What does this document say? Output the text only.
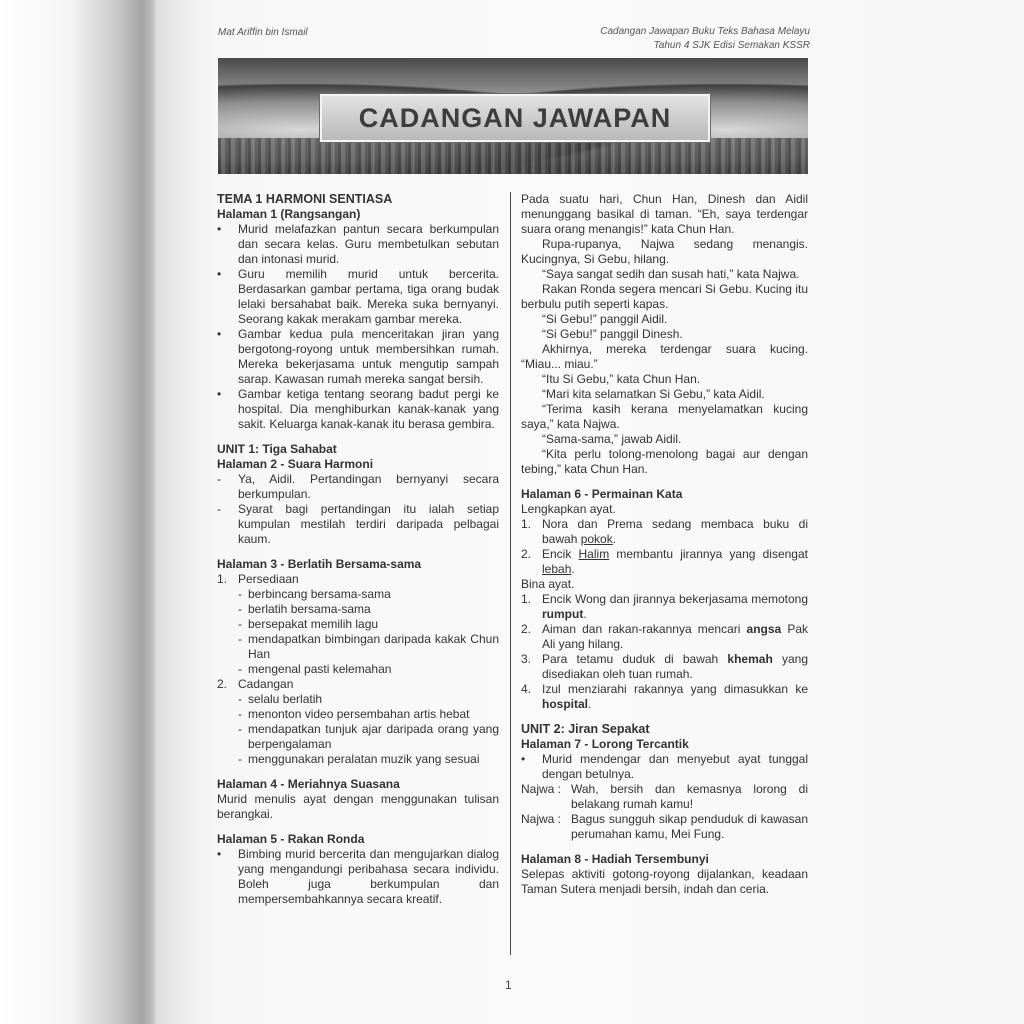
Mat Ariffin bin Ismail	Cadangan Jawapan Buku Teks Bahasa Melayu
Tahun 4 SJK Edisi Semakan KSSR
CADANGAN JAWAPAN
TEMA 1 HARMONI SENTIASA
Halaman 1 (Rangsangan)
•	Murid melafazkan pantun secara berkumpulan dan secara kelas. Guru membetulkan sebutan dan intonasi murid.
•	Guru memilih murid untuk bercerita. Berdasarkan gambar pertama, tiga orang budak lelaki bersahabat baik. Mereka suka bernyanyi. Seorang kakak merakam gambar mereka.
•	Gambar kedua pula menceritakan jiran yang bergotong-royong untuk membersihkan rumah. Mereka bekerjasama untuk mengutip sampah sarap. Kawasan rumah mereka sangat bersih.
•	Gambar ketiga tentang seorang badut pergi ke hospital. Dia menghiburkan kanak-kanak yang sakit. Keluarga kanak-kanak itu berasa gembira.
UNIT 1: Tiga Sahabat
Halaman 2 - Suara Harmoni
-	Ya, Aidil. Pertandingan bernyanyi secara berkumpulan.
-	Syarat bagi pertandingan itu ialah setiap kumpulan mestilah terdiri daripada pelbagai kaum.
Halaman 3 - Berlatih Bersama-sama
1. Persediaan
- berbincang bersama-sama
- berlatih bersama-sama
- bersepakat memilih lagu
- mendapatkan bimbingan daripada kakak Chun Han
- mengenal pasti kelemahan
2. Cadangan
- selalu berlatih
- menonton video persembahan artis hebat
- mendapatkan tunjuk ajar daripada orang yang berpengalaman
- menggunakan peralatan muzik yang sesuai
Halaman 4 - Meriahnya Suasana
Murid menulis ayat dengan menggunakan tulisan berangkai.
Halaman 5 - Rakan Ronda
•	Bimbing murid bercerita dan mengujarkan dialog yang mengandungi peribahasa secara individu. Boleh juga berkumpulan dan mempersembahkannya secara kreatif.
Pada suatu hari, Chun Han, Dinesh dan Aidil menunggang basikal di taman. “Eh, saya terdengar suara orang menangis!” kata Chun Han.
Rupa-rupanya, Najwa sedang menangis. Kucingnya, Si Gebu, hilang.
“Saya sangat sedih dan susah hati,” kata Najwa.
Rakan Ronda segera mencari Si Gebu. Kucing itu berbulu putih seperti kapas.
“Si Gebu!” panggil Aidil.
“Si Gebu!” panggil Dinesh.
Akhirnya, mereka terdengar suara kucing. “Miau... miau.”
“Itu Si Gebu,” kata Chun Han.
“Mari kita selamatkan Si Gebu,” kata Aidil.
“Terima kasih kerana menyelamatkan kucing saya,” kata Najwa.
“Sama-sama,” jawab Aidil.
“Kita perlu tolong-menolong bagai aur dengan tebing,” kata Chun Han.
Halaman 6 - Permainan Kata
Lengkapkan ayat.
1. Nora dan Prema sedang membaca buku di bawah pokok.
2. Encik Halim membantu jirannya yang disengat lebah.
Bina ayat.
1. Encik Wong dan jirannya bekerjasama memotong rumput.
2. Aiman dan rakan-rakannya mencari angsa Pak Ali yang hilang.
3. Para tetamu duduk di bawah khemah yang disediakan oleh tuan rumah.
4. Izul menziarahi rakannya yang dimasukkan ke hospital.
UNIT 2: Jiran Sepakat
Halaman 7 - Lorong Tercantik
•	Murid mendengar dan menyebut ayat tunggal dengan betulnya.
Najwa : Wah, bersih dan kemasnya lorong di belakang rumah kamu!
Najwa : Bagus sungguh sikap penduduk di kawasan perumahan kamu, Mei Fung.
Halaman 8 - Hadiah Tersembunyi
Selepas aktiviti gotong-royong dijalankan, keadaan Taman Sutera menjadi bersih, indah dan ceria.
1
